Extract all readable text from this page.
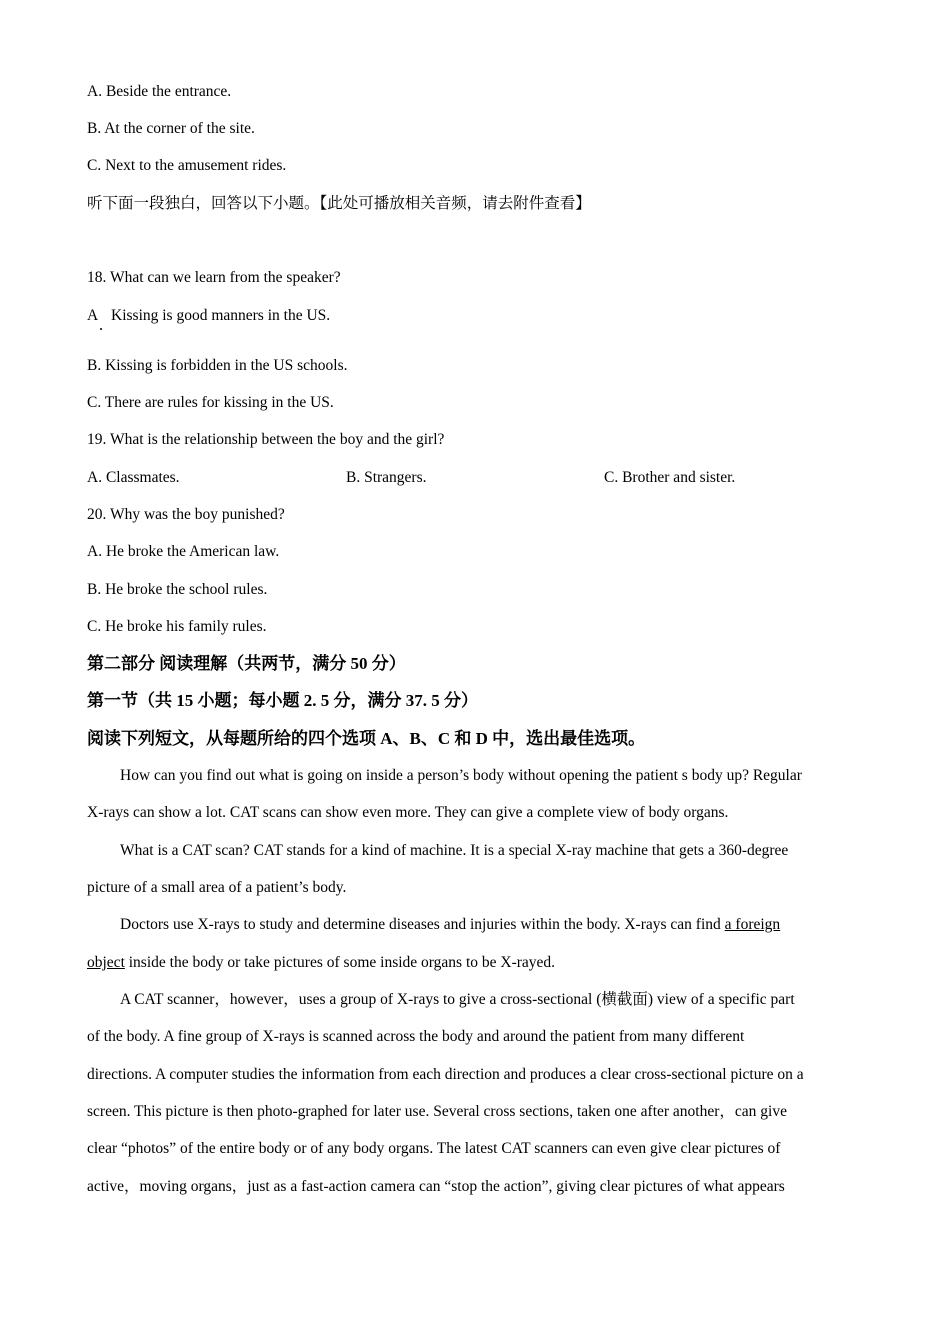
A. Beside the entrance.
B. At the corner of the site.
C. Next to the amusement rides.
听下面一段独白，回答以下小题。【此处可播放相关音频，请去附件查看】
18. What can we learn from the speaker?
A Kissing is good manners in the US.
B. Kissing is forbidden in the US schools.
C. There are rules for kissing in the US.
19. What is the relationship between the boy and the girl?
A. Classmates.	B. Strangers.	C. Brother and sister.
20. Why was the boy punished?
A. He broke the American law.
B. He broke the school rules.
C. He broke his family rules.
第二部分 阅读理解（共两节，满分 50 分）
第一节（共 15 小题；每小题 2. 5 分，满分 37. 5 分）
阅读下列短文，从每题所给的四个选项 A、B、C 和 D 中，选出最佳选项。
How can you find out what is going on inside a person’s body without opening the patient s body up? Regular
X-rays can show a lot. CAT scans can show even more. They can give a complete view of body organs.
What is a CAT scan? CAT stands for a kind of machine. It is a special X-ray machine that gets a 360-degree
picture of a small area of a patient’s body.
Doctors use X-rays to study and determine diseases and injuries within the body. X-rays can find a foreign
object inside the body or take pictures of some inside organs to be X-rayed.
A CAT scanner，however，uses a group of X-rays to give a cross-sectional (横截面) view of a specific part
of the body. A fine group of X-rays is scanned across the body and around the patient from many different
directions. A computer studies the information from each direction and produces a clear cross-sectional picture on a
screen. This picture is then photo-graphed for later use. Several cross sections, taken one after another，can give
clear “photos” of the entire body or of any body organs. The latest CAT scanners can even give clear pictures of
active，moving organs，just as a fast-action camera can “stop the action”, giving clear pictures of what appears
